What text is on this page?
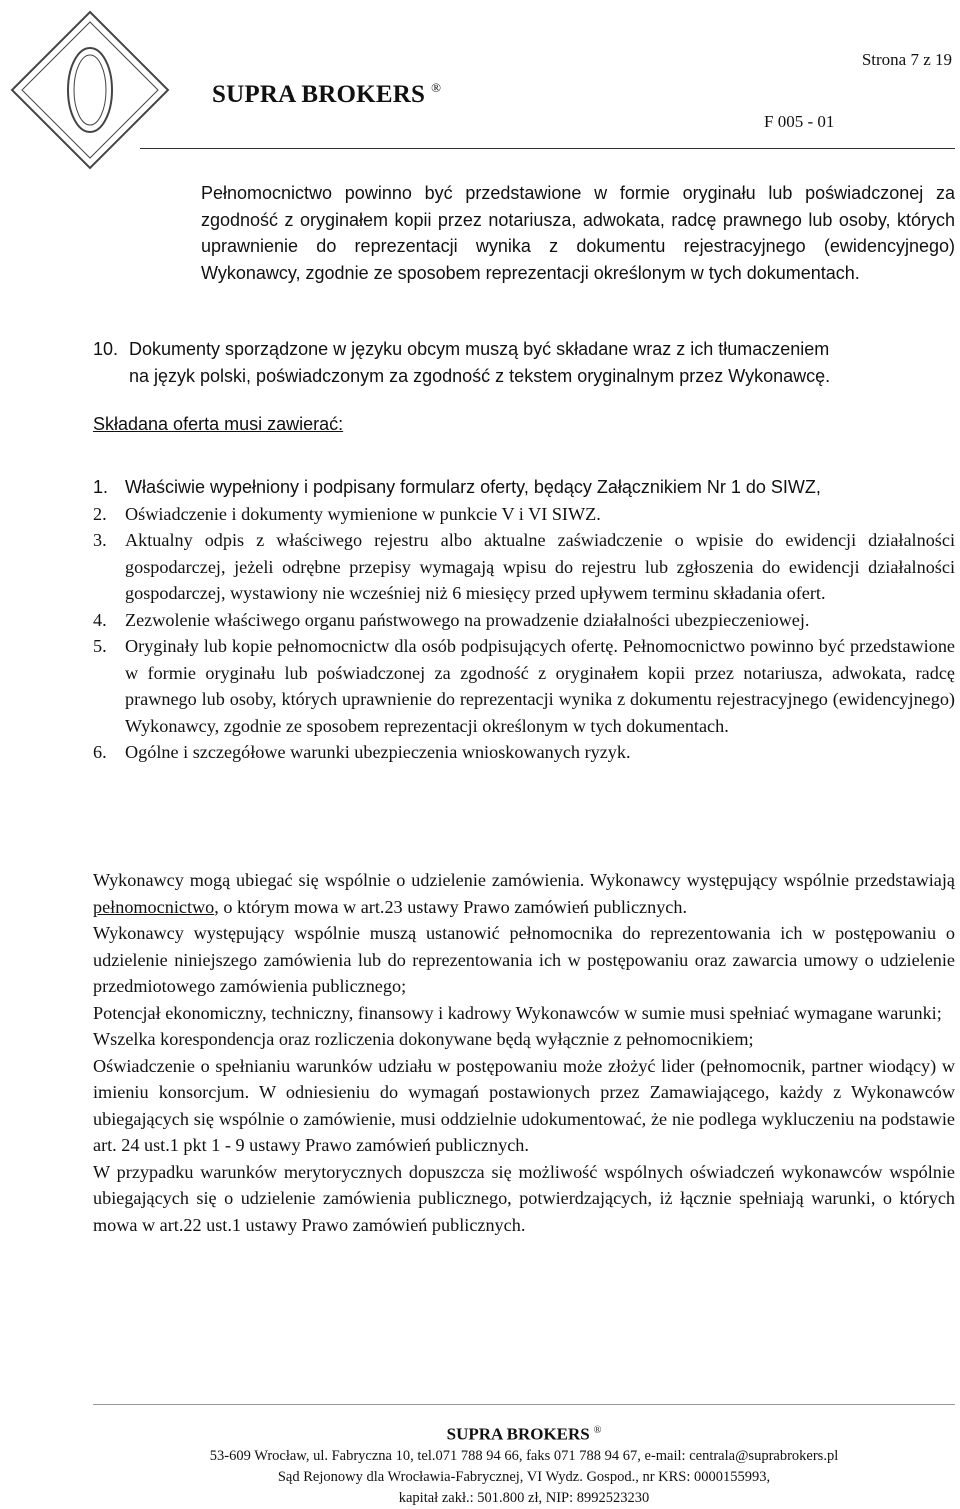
SUPRA BROKERS ®
Strona 7 z 19
F 005 - 01
Pełnomocnictwo powinno być przedstawione w formie oryginału lub poświadczonej za zgodność z oryginałem kopii przez notariusza, adwokata, radcę prawnego lub osoby, których uprawnienie do reprezentacji wynika z dokumentu rejestracyjnego (ewidencyjnego) Wykonawcy, zgodnie ze sposobem reprezentacji określonym w tych dokumentach.
10. Dokumenty sporządzone w języku obcym muszą być składane wraz z ich tłumaczeniem
na język polski, poświadczonym za zgodność z tekstem oryginalnym przez Wykonawcę.
Składana oferta musi zawierać:
1. Właściwie wypełniony i podpisany formularz oferty, będący Załącznikiem Nr 1 do SIWZ,
2. Oświadczenie i dokumenty wymienione w punkcie V i VI SIWZ.
3. Aktualny odpis z właściwego rejestru albo aktualne zaświadczenie o wpisie do ewidencji działalności gospodarczej, jeżeli odrębne przepisy wymagają wpisu do rejestru lub zgłoszenia do ewidencji działalności gospodarczej, wystawiony nie wcześniej niż 6 miesięcy przed upływem terminu składania ofert.
4. Zezwolenie właściwego organu państwowego na prowadzenie działalności ubezpieczeniowej.
5. Oryginały lub kopie pełnomocnictw dla osób podpisujących ofertę. Pełnomocnictwo powinno być przedstawione w formie oryginału lub poświadczonej za zgodność z oryginałem kopii przez notariusza, adwokata, radcę prawnego lub osoby, których uprawnienie do reprezentacji wynika z dokumentu rejestracyjnego (ewidencyjnego) Wykonawcy, zgodnie ze sposobem reprezentacji określonym w tych dokumentach.
6. Ogólne i szczegółowe warunki ubezpieczenia wnioskowanych ryzyk.

Wykonawcy mogą ubiegać się wspólnie o udzielenie zamówienia. Wykonawcy występujący wspólnie przedstawiają pełnomocnictwo, o którym mowa w art.23 ustawy Prawo zamówień publicznych.

Wykonawcy występujący wspólnie muszą ustanowić pełnomocnika do reprezentowania ich w postępowaniu o udzielenie niniejszego zamówienia lub do reprezentowania ich w postępowaniu oraz zawarcia umowy o udzielenie przedmiotowego zamówienia publicznego;

Potencjał ekonomiczny, techniczny, finansowy i kadrowy Wykonawców w sumie musi spełniać wymagane warunki;

Wszelka korespondencja oraz rozliczenia dokonywane będą wyłącznie z pełnomocnikiem;

Oświadczenie o spełnianiu warunków udziału w postępowaniu może złożyć lider (pełnomocnik, partner wiodący) w imieniu konsorcjum. W odniesieniu do wymagań postawionych przez Zamawiającego, każdy z Wykonawców ubiegających się wspólnie o zamówienie, musi oddzielnie udokumentować, że nie podlega wykluczeniu na podstawie art. 24 ust.1 pkt 1 - 9 ustawy Prawo zamówień publicznych.

W przypadku warunków merytorycznych dopuszcza się możliwość wspólnych oświadczeń wykonawców wspólnie ubiegających się o udzielenie zamówienia publicznego, potwierdzających, iż łącznie spełniają warunki, o których mowa w art.22 ust.1 ustawy Prawo zamówień publicznych.

SUPRA BROKERS ®
53-609 Wrocław, ul. Fabryczna 10, tel.071 788 94 66, faks 071 788 94 67, e-mail: centrala@suprabrokers.pl
Sąd Rejonowy dla Wrocławia-Fabrycznej, VI Wydz. Gospod., nr KRS: 0000155993,
kapitał zakł.: 501.800 zł, NIP: 8992523230
